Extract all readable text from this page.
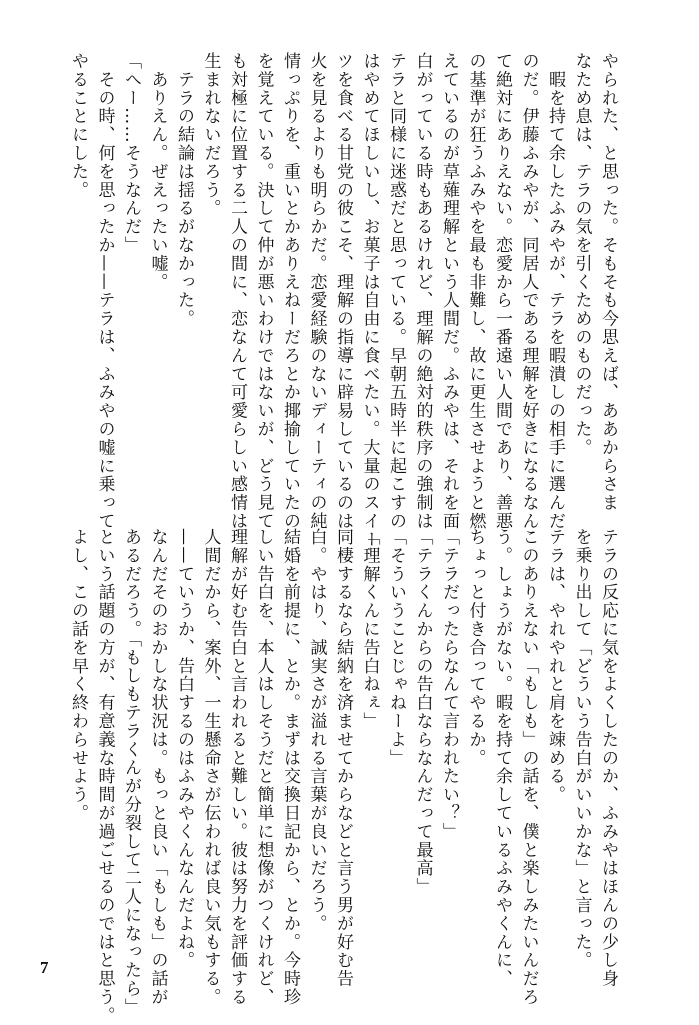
やられた、と思った。そもそも今思えば、ああからさま

なため息は、テラの気を引くためのものだった。

　暇を持て余したふみやが、テラを暇潰しの相手に選んだ

のだ。伊藤ふみやが、同居人である理解を好きになるなん

て絶対にありえない。恋愛から一番遠い人間であり、善悪

の基準が狂うふみやを最も非難し、故に更生させようと燃

えているのが草薙理解という人間だ。ふみやは、それを面

白がっている時もあるけれど、理解の絶対的秩序の強制は

テラと同様に迷惑だと思っている。早朝五時半に起こすの

はやめてほしいし、お菓子は自由に食べたい。大量のスイー

ツを食べる甘党の彼こそ、理解の指導に辟易しているのは

火を見るよりも明らかだ。恋愛経験のないディーティの純

情っぷりを、重いとかありえねーだろとか揶揄していたの

を覚えている。決して仲が悪いわけではないが、どう見て

も対極に位置する二人の間に、恋なんて可愛らしい感情は

生まれないだろう。

　テラの結論は揺るがなかった。

　ありえん。ぜえったい嘘。

「へー……そうなんだ」

　その時、何を思ったか——テラは、ふみやの嘘に乗って

やることにした。

テラの反応に気をよくしたのか、ふみやはほんの少し身

を乗り出して「どういう告白がいいかな」と言った。

テラは、やれやれと肩を竦める。

このありえない「もしも」の話を、僕と楽しみたいんだろ

う。しょうがない。暇を持て余しているふみやくんに、

ちょっと付き合ってやるか。

「テラだったらなんて言われたい？」

「テラくんからの告白ならなんだって最高」

「そういうことじゃねーよ」

「理解くんに告白ねぇ」

同棲するなら結納を済ませてからなどと言う男が好む告

白。やはり、誠実さが溢れる言葉が良いだろう。

結婚を前提に、とか。まずは交換日記から、とか。今時珍

しい告白を、本人はしそうだと簡単に想像がつくけれど、

理解が好む告白と言われると難しい。彼は努力を評価する

人間だから、案外、一生懸命さが伝われば良い気もする。

——ていうか、告白するのはふみやくんなんだよね。

なんだそのおかしな状況は。もっと良い「もしも」の話が

あるだろう。「もしもテラくんが分裂して二人になったら」

という話題の方が、有意義な時間が過ごせるのではと思う。

よし、この話を早く終わらせよう。

7
